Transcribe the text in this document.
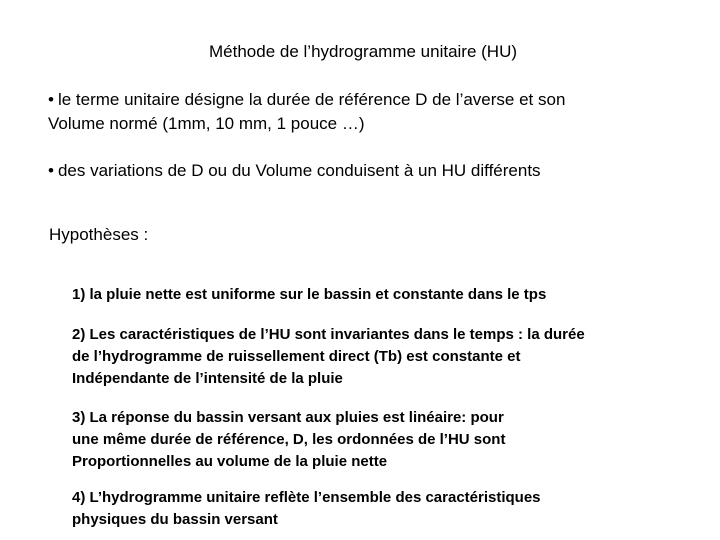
Méthode de l’hydrogramme unitaire (HU)
• le terme unitaire désigne la durée de référence D de l’averse et son
Volume normé (1mm, 10 mm, 1 pouce …)
• des variations de D ou du Volume conduisent à un HU différents
Hypothèses :

1) la pluie nette est uniforme sur le bassin et constante dans le tps

2) Les caractéristiques de l’HU sont invariantes dans le temps : la durée

de l’hydrogramme de ruissellement direct (Tb) est constante et

Indépendante de l’intensité de la pluie

3) La réponse du bassin versant aux pluies est linéaire: pour

une même durée de référence, D, les ordonnées de l’HU sont

Proportionnelles au volume de la pluie nette

4) L’hydrogramme unitaire reflète l’ensemble des caractéristiques

physiques du bassin versant
